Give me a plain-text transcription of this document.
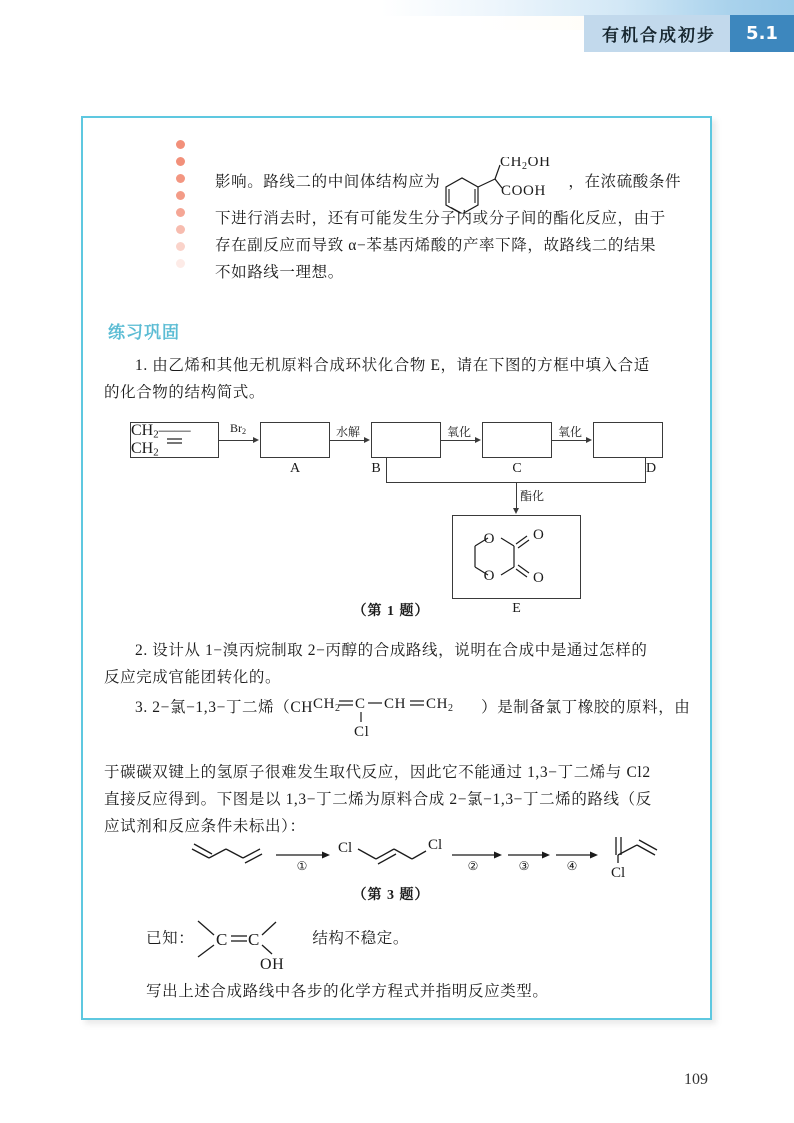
有机合成初步	5.1
影响。路线二的中间体结构应为
$CH_2OH$
COOH
，在浓硫酸条件
下进行消去时，还有可能发生分子内或分子间的酯化反应，由于
存在副反应而导致 α−苯基丙烯酸的产率下降，故路线二的结果
不如路线一理想。
练习巩固
1. 由乙烯和其他无机原料合成环状化合物 E，请在下图的方框中填入合适
的化合物的结构简式。
$CH_2——CH_2$
$Br_2$
A
水解
B
氧化
C
氧化
D
酯化
O
O
O
O
E
（第 1 题）
2. 设计从 1−溴丙烷制取 2−丙醇的合成路线，说明在合成中是通过怎样的
反应完成官能团转化的。
3. 2−氯−1,3−丁二烯（CH $CH_2$ C CH $CH_2$
Cl
）是制备氯丁橡胶的原料，由
于碳碳双键上的氢原子很难发生取代反应，因此它不能通过 1,3−丁二烯与 Cl2
直接反应得到。下图是以 1,3−丁二烯为原料合成 2−氯−1,3−丁二烯的路线（反
应试剂和反应条件未标出）：
Cl	Cl
Cl
①	②	③	④
（第 3 题）
已知： C C
OH
结构不稳定。
写出上述合成路线中各步的化学方程式并指明反应类型。
109
